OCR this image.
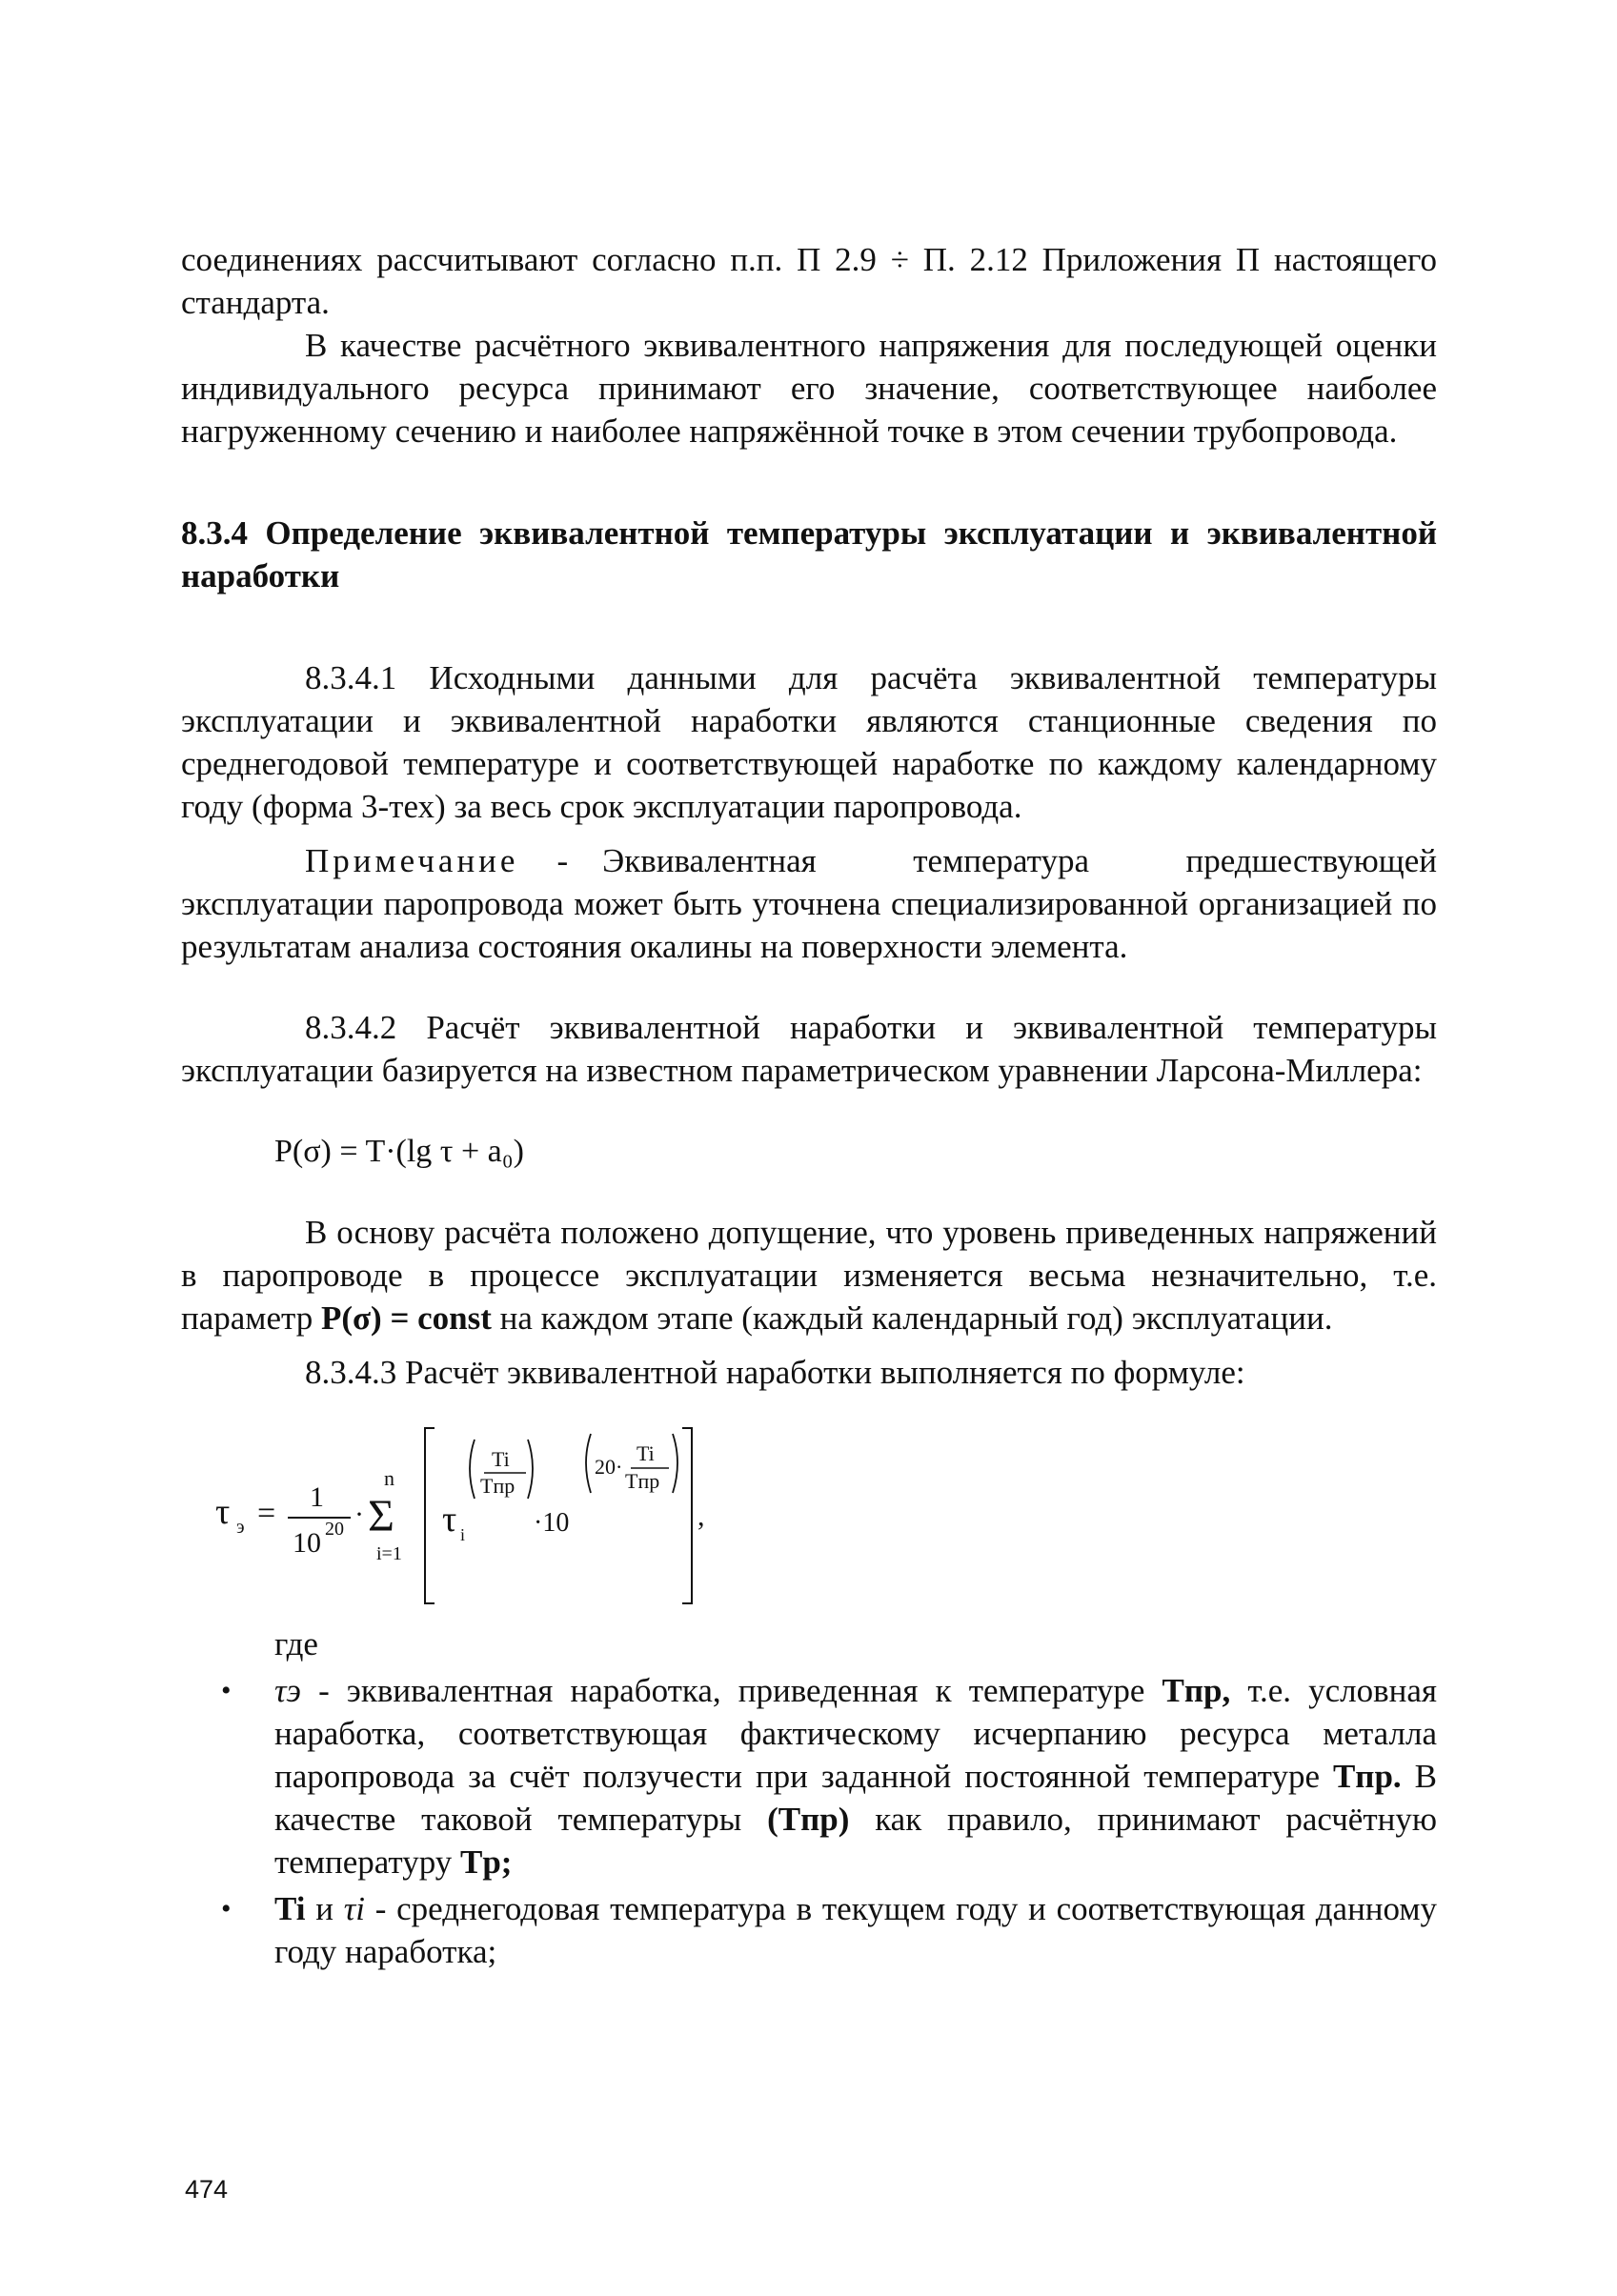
соединениях рассчитывают согласно п.п. П 2.9 ÷ П. 2.12 Приложения П настоящего стандарта.

В качестве расчётного эквивалентного напряжения для последующей оценки индивидуального ресурса принимают его значение, соответствующее наиболее нагруженному сечению и наиболее напряжённой точке в этом сечении трубопровода.

8.3.4 Определение эквивалентной температуры эксплуатации и эквивалентной наработки

8.3.4.1 Исходными данными для расчёта эквивалентной температуры эксплуатации и эквивалентной наработки являются станционные сведения по среднегодовой температуре и соответствующей наработке по каждому календарному году (форма 3-тех) за весь срок эксплуатации паропровода.

Примечание - Эквивалентная температура предшествующей эксплуатации паропровода может быть уточнена специализированной организацией по результатам анализа состояния окалины на поверхности элемента.

8.3.4.2 Расчёт эквивалентной наработки и эквивалентной температуры эксплуатации базируется на известном параметрическом уравнении Ларсона-Миллера:

P(σ) = T·(lg τ + a₀)

В основу расчёта положено допущение, что уровень приведенных напряжений в паропроводе в процессе эксплуатации изменяется весьма незначительно, т.е. параметр P(σ) = const на каждом этапе (каждый календарный год) эксплуатации.

8.3.4.3 Расчёт эквивалентной наработки выполняется по формуле:

τ э = 1
10 20 ·
n
Σ
i=1
τ i
Ti
Tпр
·10
20·
Ti
Tпр
,

где

• τэ - эквивалентная наработка, приведенная к температуре Tпр, т.е. условная наработка, соответствующая фактическому исчерпанию ресурса металла паропровода за счёт ползучести при заданной постоянной температуре Tпр. В качестве таковой температуры (Tпр) как правило, принимают расчётную температуру Tр;
• Ti и τi - среднегодовая температура в текущем году и соответствующая данному году наработка;
474
